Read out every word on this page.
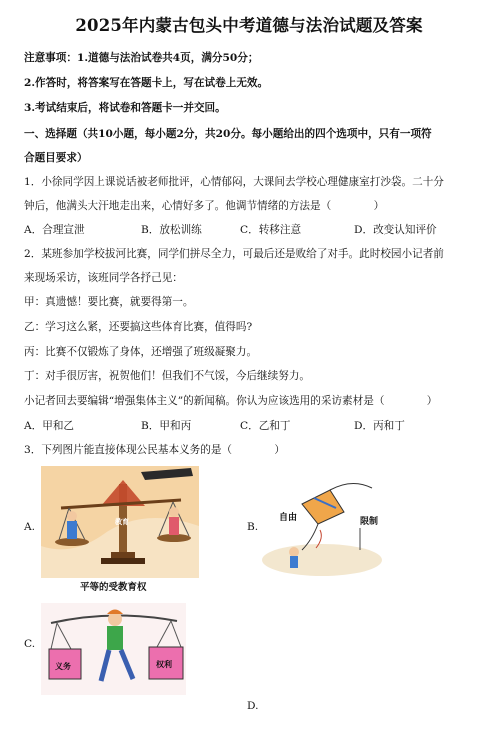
2025年内蒙古包头中考道德与法治试题及答案
注意事项：1.道德与法治试卷共4页，满分50分；
2.作答时，将答案写在答题卡上，写在试卷上无效。
3.考试结束后，将试卷和答题卡一并交回。
一、选择题（共10小题，每小题2分，共20分。每小题给出的四个选项中，只有一项符
合题目要求）
1．小徐同学因上课说话被老师批评，心情郁闷，大课间去学校心理健康室打沙袋。二十分
钟后，他满头大汗地走出来，心情好多了。他调节情绪的方法是（　　　　）
A．合理宣泄	B．放松训练	C．转移注意	D．改变认知评价
2．某班参加学校拔河比赛，同学们拼尽全力，可最后还是败给了对手。此时校园小记者前
来现场采访，该班同学各抒己见：
甲：真遗憾！要比赛，就要得第一。
乙：学习这么紧，还要搞这些体育比赛，值得吗?
丙：比赛不仅锻炼了身体，还增强了班级凝聚力。
丁：对手很厉害，祝贺他们！但我们不气馁，今后继续努力。
小记者回去要编辑“增强集体主义”的新闻稿。你认为应该选用的采访素材是（　　　　）
A．甲和乙	B．甲和丙	C．乙和丁	D．丙和丁
3．下列图片能直接体现公民基本义务的是（　　　　）
A.	B.
C.
D.
教育
平等的受教育权
自由	限制
义务	权利
